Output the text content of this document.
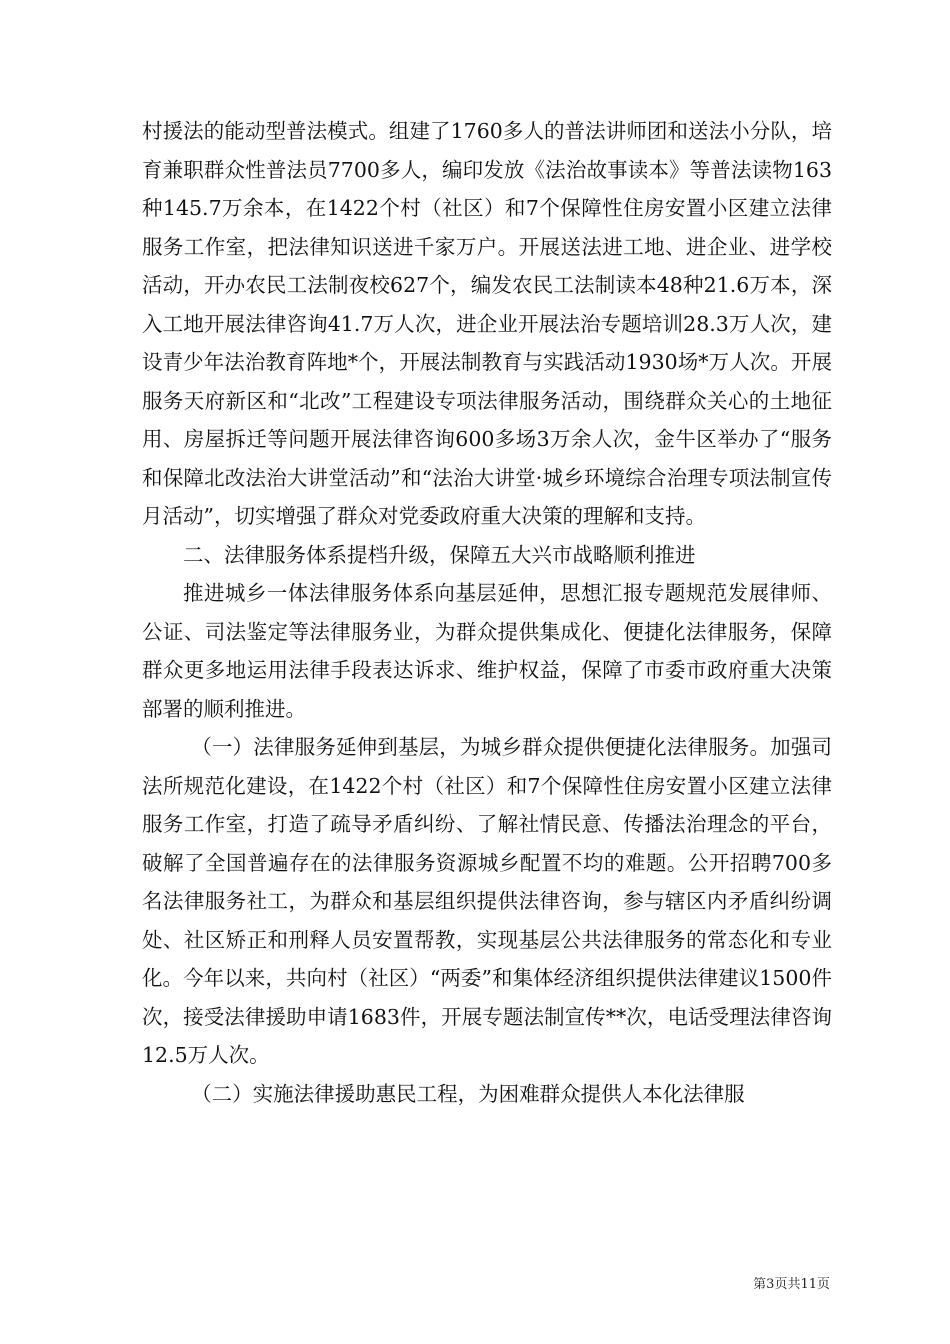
村援法的能动型普法模式。组建了1760多人的普法讲师团和送法小分队，培育兼职群众性普法员7700多人，编印发放《法治故事读本》等普法读物163种145.7万余本，在1422个村（社区）和7个保障性住房安置小区建立法律服务工作室，把法律知识送进千家万户。开展送法进工地、进企业、进学校活动，开办农民工法制夜校627个，编发农民工法制读本48种21.6万本，深入工地开展法律咨询41.7万人次，进企业开展法治专题培训28.3万人次，建设青少年法治教育阵地*个，开展法制教育与实践活动1930场*万人次。开展服务天府新区和“北改”工程建设专项法律服务活动，围绕群众关心的土地征用、房屋拆迁等问题开展法律咨询600多场3万余人次，金牛区举办了“服务和保障北改法治大讲堂活动”和“法治大讲堂·城乡环境综合治理专项法制宣传月活动”，切实增强了群众对党委政府重大决策的理解和支持。

二、法律服务体系提档升级，保障五大兴市战略顺利推进

推进城乡一体法律服务体系向基层延伸，思想汇报专题规范发展律师、公证、司法鉴定等法律服务业，为群众提供集成化、便捷化法律服务，保障群众更多地运用法律手段表达诉求、维护权益，保障了市委市政府重大决策部署的顺利推进。

（一）法律服务延伸到基层，为城乡群众提供便捷化法律服务。加强司法所规范化建设，在1422个村（社区）和7个保障性住房安置小区建立法律服务工作室，打造了疏导矛盾纠纷、了解社情民意、传播法治理念的平台，破解了全国普遍存在的法律服务资源城乡配置不均的难题。公开招聘700多名法律服务社工，为群众和基层组织提供法律咨询，参与辖区内矛盾纠纷调处、社区矫正和刑释人员安置帮教，实现基层公共法律服务的常态化和专业化。今年以来，共向村（社区）“两委”和集体经济组织提供法律建议1500件次，接受法律援助申请1683件，开展专题法制宣传**次，电话受理法律咨询12.5万人次。

（二）实施法律援助惠民工程，为困难群众提供人本化法律服

第3页共11页
